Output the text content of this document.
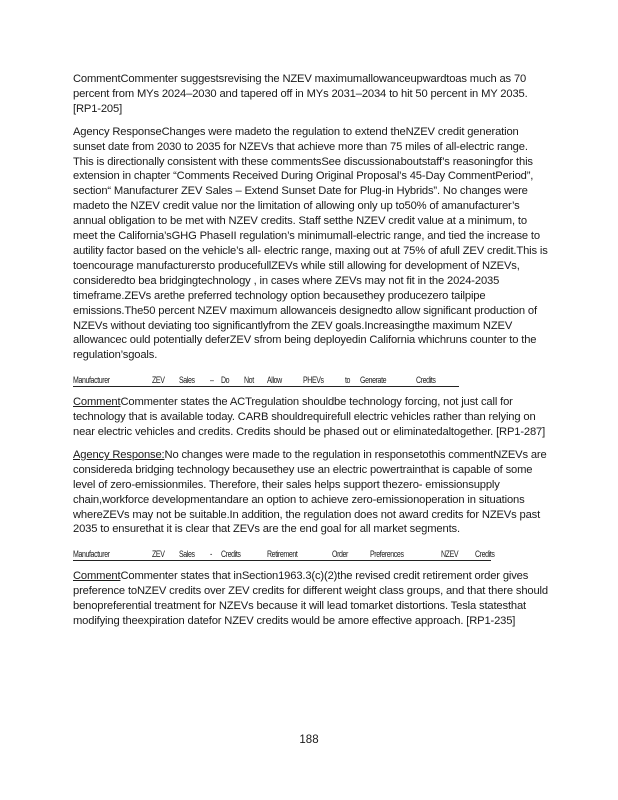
CommentCommenter suggestsrevising the NZEV maximumallowanceupwardtoas much as 70 percent from MYs 2024–2030 and tapered off in MYs 2031–2034 to hit 50 percent in MY 2035. [RP1-205]

Agency ResponseChanges were madeto the regulation to extend theNZEV credit generation sunset date from 2030 to 2035 for NZEVs that achieve more than 75 miles of all-electric range. This is directionally consistent with these commentsSee discussionaboutstaff’s reasoningfor this extension in chapter “Comments Received During Original Proposal’s 45-Day CommentPeriod”, section“ Manufacturer ZEV Sales – Extend Sunset Date for Plug-in Hybrids”. No changes were madeto the NZEV credit value nor the limitation of allowing only up to50% of amanufacturer’s annual obligation to be met with NZEV credits. Staff setthe NZEV credit value at a minimum, to meet the California’sGHG PhaseII regulation’s minimumall-electric range, and tied the increase to autility factor based on the vehicle’s all- electric range, maxing out at 75% of afull ZEV credit.This is toencourage manufacturersto producefullZEVs while still allowing for development of NZEVs, consideredto bea bridgingtechnology , in cases where ZEVs may not fit in the 2024-2035 timeframe.ZEVs arethe preferred technology option becausethey producezero tailpipe emissions.The50 percent NZEV maximum allowanceis designedto allow significant production of NZEVs without deviating too significantlyfrom the ZEV goals.Increasingthe maximum NZEV allowancec ould potentially deferZEV sfrom being deployedin California whichruns counter to the regulation’sgoals.

Manufacturer	ZEV Sales – Do Not Allow PHEVs to Generate	Credits

CommentCommenter states the ACTregulation shouldbe technology forcing, not just call for technology that is available today. CARB shouldrequirefull electric vehicles rather than relying on near electric vehicles and credits. Credits should be phased out or eliminatedaltogether. [RP1-287]

Agency Response:No changes were made to the regulation in responsetothis commentNZEVs are considereda bridging technology becausethey use an electric powertrainthat is capable of some level of zero-emissionmiles. Therefore, their sales helps support thezero- emissionsupply chain,workforce developmentandare an option to achieve zero-emissionoperation in situations whereZEVs may not be suitable.In addition, the regulation does not award credits for NZEVs past 2035 to ensurethat it is clear that ZEVs are the end goal for all market segments.

Manufacturer	ZEV Sales - Credits	Retirement	Order Preferences	NZEV Credits

CommentCommenter states that inSection1963.3(c)(2)the revised credit retirement order gives preference toNZEV credits over ZEV credits for different weight class groups, and that there should benopreferential treatment for NZEVs because it will lead tomarket distortions. Tesla statesthat modifying theexpiration datefor NZEV credits would be amore effective approach. [RP1-235]

188
